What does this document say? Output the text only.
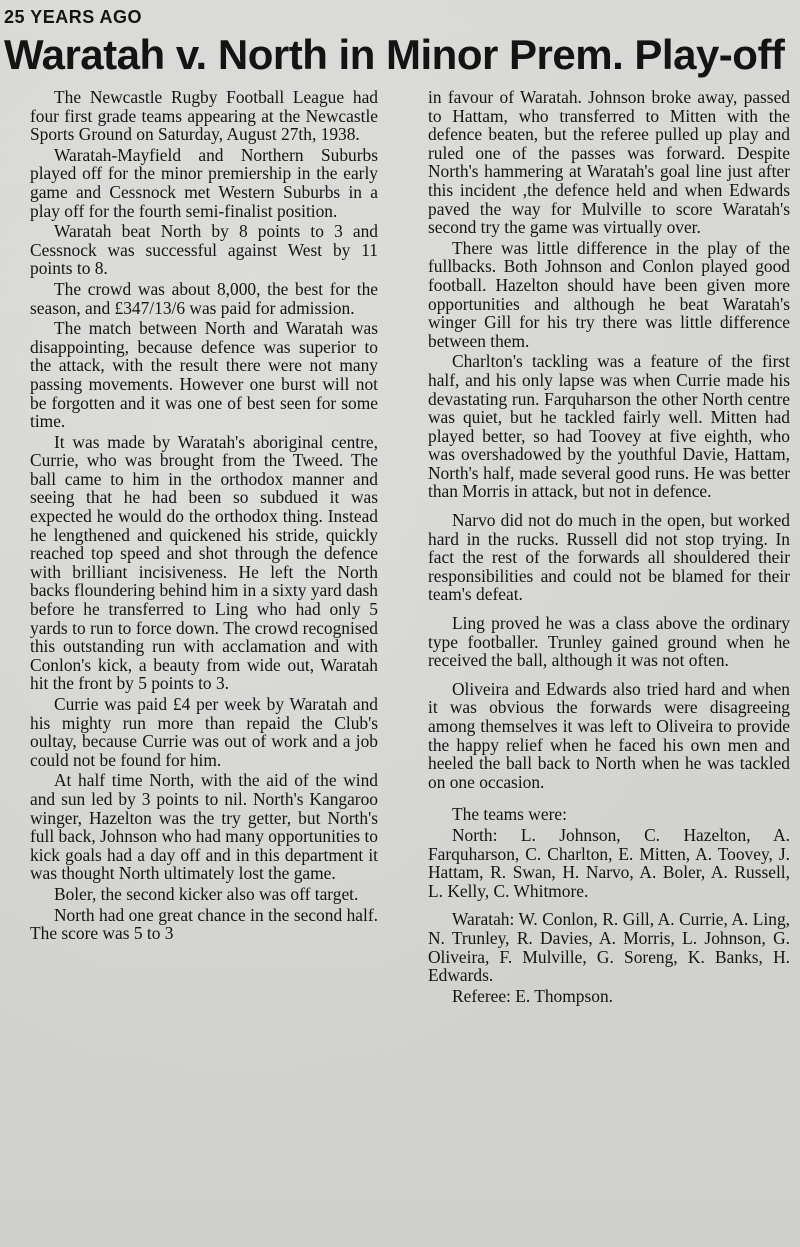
25 YEARS AGO
Waratah v. North in Minor Prem. Play-off

The Newcastle Rugby Football League had four first grade teams appearing at the Newcastle Sports Ground on Saturday, August 27th, 1938.

Waratah-Mayfield and Northern Suburbs played off for the minor premiership in the early game and Cessnock met Western Suburbs in a play off for the fourth semi-finalist position.

Waratah beat North by 8 points to 3 and Cessnock was successful against West by 11 points to 8.

The crowd was about 8,000, the best for the season, and £347/13/6 was paid for admission.

The match between North and Waratah was disappointing, because defence was superior to the attack, with the result there were not many passing movements. However one burst will not be forgotten and it was one of best seen for some time.

It was made by Waratah's aboriginal centre, Currie, who was brought from the Tweed. The ball came to him in the orthodox manner and seeing that he had been so subdued it was expected he would do the orthodox thing. Instead he lengthened and quickened his stride, quickly reached top speed and shot through the defence with brilliant incisiveness. He left the North backs floundering behind him in a sixty yard dash before he transferred to Ling who had only 5 yards to run to force down. The crowd recognised this outstanding run with acclamation and with Conlon's kick, a beauty from wide out, Waratah hit the front by 5 points to 3.

Currie was paid £4 per week by Waratah and his mighty run more than repaid the Club's oultay, because Currie was out of work and a job could not be found for him.

At half time North, with the aid of the wind and sun led by 3 points to nil. North's Kangaroo winger, Hazelton was the try getter, but North's full back, Johnson who had many opportunities to kick goals had a day off and in this department it was thought North ultimately lost the game.

Boler, the second kicker also was off target.

North had one great chance in the second half. The score was 5 to 3

in favour of Waratah. Johnson broke away, passed to Hattam, who transferred to Mitten with the defence beaten, but the referee pulled up play and ruled one of the passes was forward. Despite North's hammering at Waratah's goal line just after this incident ,the defence held and when Edwards paved the way for Mulville to score Waratah's second try the game was virtually over.

There was little difference in the play of the fullbacks. Both Johnson and Conlon played good football. Hazelton should have been given more opportunities and although he beat Waratah's winger Gill for his try there was little difference between them.

Charlton's tackling was a feature of the first half, and his only lapse was when Currie made his devastating run. Farquharson the other North centre was quiet, but he tackled fairly well. Mitten had played better, so had Toovey at five eighth, who was overshadowed by the youthful Davie, Hattam, North's half, made several good runs. He was better than Morris in attack, but not in defence.

Narvo did not do much in the open, but worked hard in the rucks. Russell did not stop trying. In fact the rest of the forwards all shouldered their responsibilities and could not be blamed for their team's defeat.

Ling proved he was a class above the ordinary type footballer. Trunley gained ground when he received the ball, although it was not often.

Oliveira and Edwards also tried hard and when it was obvious the forwards were disagreeing among themselves it was left to Oliveira to provide the happy relief when he faced his own men and heeled the ball back to North when he was tackled on one occasion.

The teams were:

North: L. Johnson, C. Hazelton, A. Farquharson, C. Charlton, E. Mitten, A. Toovey, J. Hattam, R. Swan, H. Narvo, A. Boler, A. Russell, L. Kelly, C. Whitmore.

Waratah: W. Conlon, R. Gill, A. Currie, A. Ling, N. Trunley, R. Davies, A. Morris, L. Johnson, G. Oliveira, F. Mulville, G. Soreng, K. Banks, H. Edwards.

Referee: E. Thompson.
